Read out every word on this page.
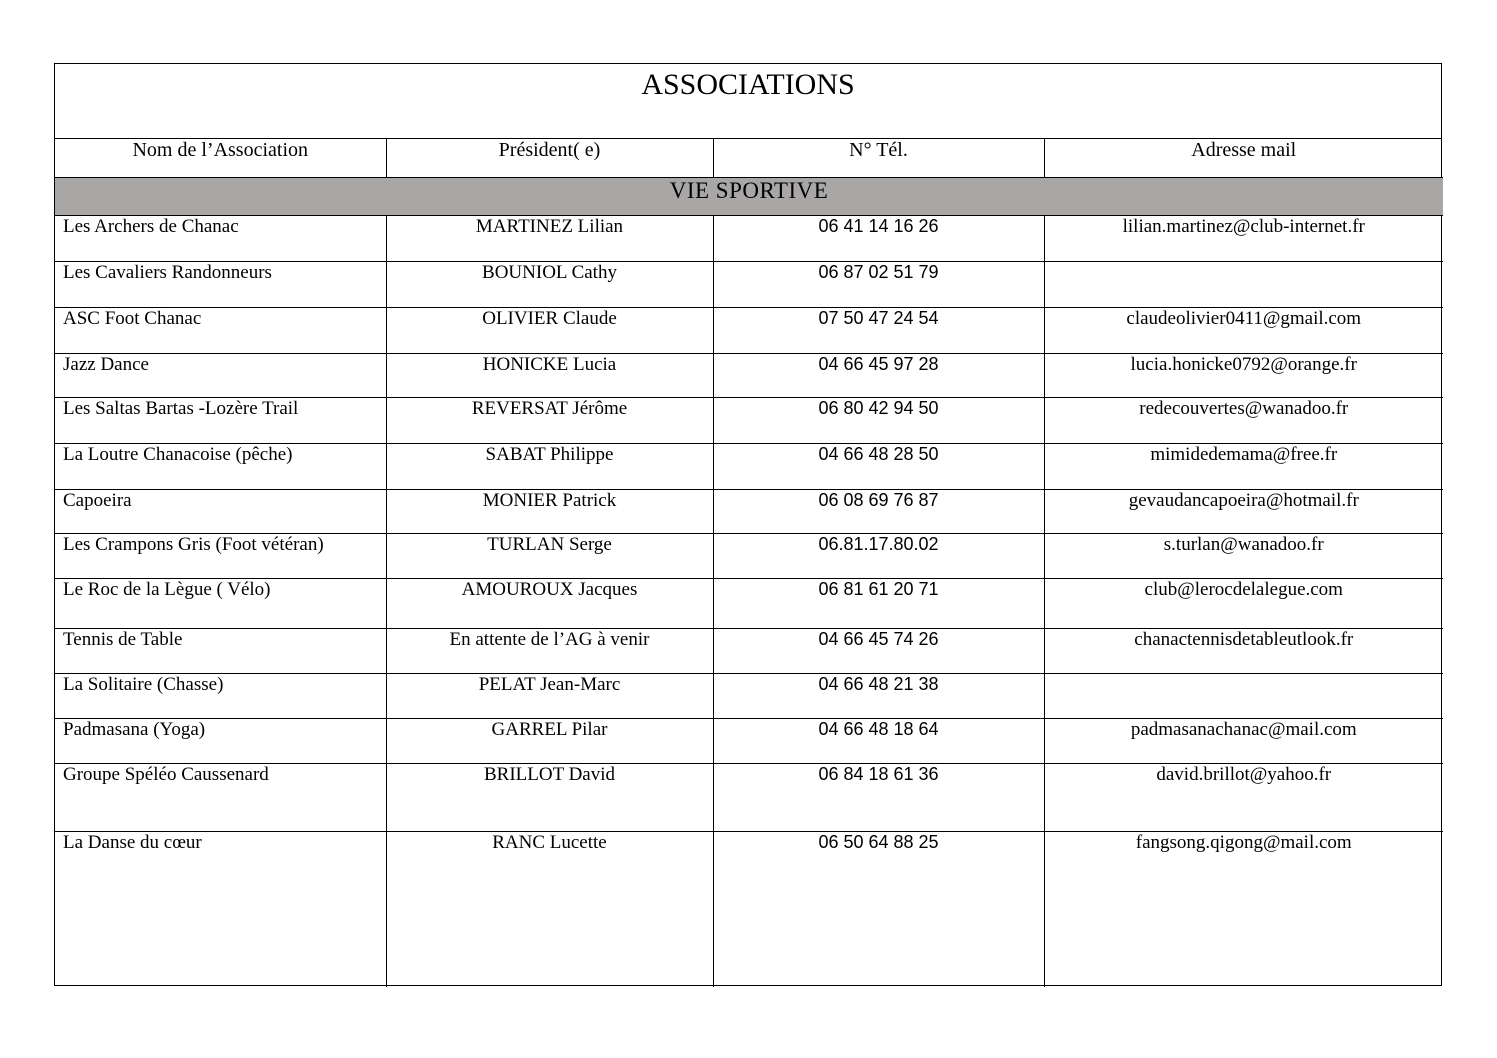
ASSOCIATIONS
Nom de l’Association	Président( e)	N° Tél.	Adresse mail
VIE SPORTIVE			
Les Archers de Chanac	MARTINEZ Lilian	06 41 14 16 26	lilian.martinez@club-internet.fr
Les Cavaliers Randonneurs	BOUNIOL Cathy	06 87 02 51 79	
ASC Foot Chanac	OLIVIER Claude	07 50 47 24 54	claudeolivier0411@gmail.com
Jazz Dance	HONICKE Lucia	04 66 45 97 28	lucia.honicke0792@orange.fr
Les Saltas Bartas -Lozère Trail	REVERSAT Jérôme	06 80 42 94 50	redecouvertes@wanadoo.fr
La Loutre Chanacoise (pêche)	SABAT Philippe	04 66 48 28 50	mimidedemama@free.fr
Capoeira	MONIER Patrick	06 08 69 76 87	gevaudancapoeira@hotmail.fr
Les Crampons Gris (Foot vétéran)	TURLAN Serge	06.81.17.80.02	s.turlan@wanadoo.fr
Le Roc de la Lègue ( Vélo)	AMOUROUX Jacques	06 81 61 20 71	club@lerocdelalegue.com
Tennis de Table	En attente de l’AG à venir	04 66 45 74 26	chanactennisdetableutlook.fr
La Solitaire (Chasse)	PELAT Jean-Marc	04 66 48 21 38	
Padmasana (Yoga)	GARREL Pilar	04 66 48 18 64	padmasanachanac@mail.com
Groupe Spéléo Caussenard	BRILLOT David	06 84 18 61 36	david.brillot@yahoo.fr
La Danse du cœur	RANC Lucette	06 50 64 88 25	fangsong.qigong@mail.com
